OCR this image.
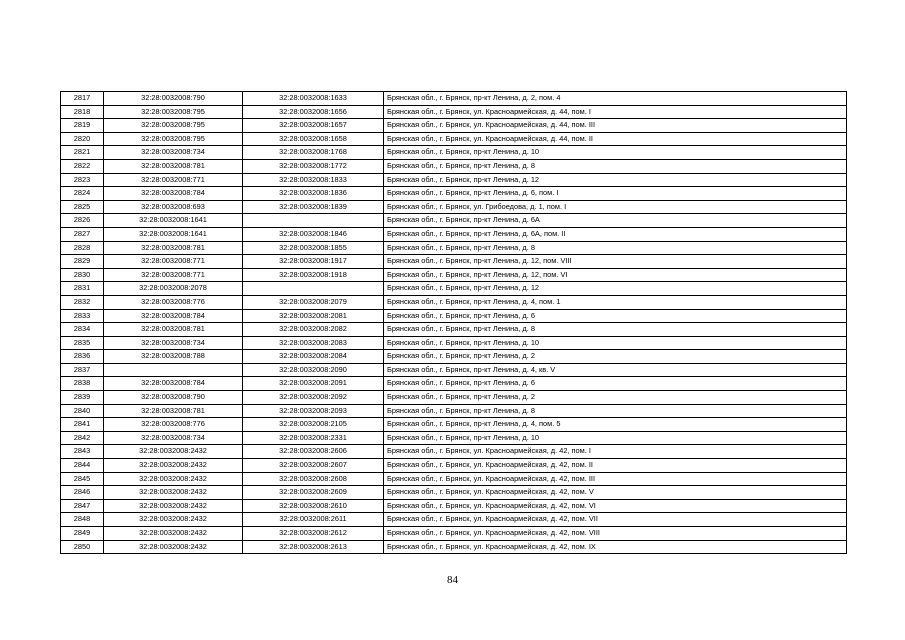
2817	32:28:0032008:790	32:28:0032008:1633	Брянская обл., г. Брянск, пр-кт Ленина, д. 2, пом. 4
2818	32:28:0032008:795	32:28:0032008:1656	Брянская обл., г. Брянск, ул. Красноармейская, д. 44, пом. I
2819	32:28:0032008:795	32:28:0032008:1657	Брянская обл., г. Брянск, ул. Красноармейская, д. 44, пом. III
2820	32:28:0032008:795	32:28:0032008:1658	Брянская обл., г. Брянск, ул. Красноармейская, д. 44, пом. II
2821	32:28:0032008:734	32:28:0032008:1768	Брянская обл., г. Брянск, пр-кт Ленина, д. 10
2822	32:28:0032008:781	32:28:0032008:1772	Брянская обл., г. Брянск, пр-кт Ленина, д. 8
2823	32:28:0032008:771	32:28:0032008:1833	Брянская обл., г. Брянск, пр-кт Ленина, д. 12
2824	32:28:0032008:784	32:28:0032008:1836	Брянская обл., г. Брянск, пр-кт Ленина, д. 6, пом. I
2825	32:28:0032008:693	32:28:0032008:1839	Брянская обл., г. Брянск, ул. Грибоедова, д. 1, пом. I
2826	32:28:0032008:1641		Брянская обл., г. Брянск, пр-кт Ленина, д. 6А
2827	32:28:0032008:1641	32:28:0032008:1846	Брянская обл., г. Брянск, пр-кт Ленина, д. 6А, пом. II
2828	32:28:0032008:781	32:28:0032008:1855	Брянская обл., г. Брянск, пр-кт Ленина, д. 8
2829	32:28:0032008:771	32:28:0032008:1917	Брянская обл., г. Брянск, пр-кт Ленина, д. 12, пом. VIII
2830	32:28:0032008:771	32:28:0032008:1918	Брянская обл., г. Брянск, пр-кт Ленина, д. 12, пом. VI
2831	32:28:0032008:2078		Брянская обл., г. Брянск, пр-кт Ленина, д. 12
2832	32:28:0032008:776	32:28:0032008:2079	Брянская обл., г. Брянск, пр-кт Ленина, д. 4, пом. 1
2833	32:28:0032008:784	32:28:0032008:2081	Брянская обл., г. Брянск, пр-кт Ленина, д. 6
2834	32:28:0032008:781	32:28:0032008:2082	Брянская обл., г. Брянск, пр-кт Ленина, д. 8
2835	32:28:0032008:734	32:28:0032008:2083	Брянская обл., г. Брянск, пр-кт Ленина, д. 10
2836	32:28:0032008:788	32:28:0032008:2084	Брянская обл., г. Брянск, пр-кт Ленина, д. 2
2837		32:28:0032008:2090	Брянская обл., г. Брянск, пр-кт Ленина, д. 4, кв. V
2838	32:28:0032008:784	32:28:0032008:2091	Брянская обл., г. Брянск, пр-кт Ленина, д. 6
2839	32:28:0032008:790	32:28:0032008:2092	Брянская обл., г. Брянск, пр-кт Ленина, д. 2
2840	32:28:0032008:781	32:28:0032008:2093	Брянская обл., г. Брянск, пр-кт Ленина, д. 8
2841	32:28:0032008:776	32:28:0032008:2105	Брянская обл., г. Брянск, пр-кт Ленина, д. 4, пом. 5
2842	32:28:0032008:734	32:28:0032008:2331	Брянская обл., г. Брянск, пр-кт Ленина, д. 10
2843	32:28:0032008:2432	32:28:0032008:2606	Брянская обл., г. Брянск, ул. Красноармейская, д. 42, пом. I
2844	32:28:0032008:2432	32:28:0032008:2607	Брянская обл., г. Брянск, ул. Красноармейская, д. 42, пом. II
2845	32:28:0032008:2432	32:28:0032008:2608	Брянская обл., г. Брянск, ул. Красноармейская, д. 42, пом. III
2846	32:28:0032008:2432	32:28:0032008:2609	Брянская обл., г. Брянск, ул. Красноармейская, д. 42, пом. V
2847	32:28:0032008:2432	32:28:0032008:2610	Брянская обл., г. Брянск, ул. Красноармейская, д. 42, пом. VI
2848	32:28:0032008:2432	32:28:0032008:2611	Брянская обл., г. Брянск, ул. Красноармейская, д. 42, пом. VII
2849	32:28:0032008:2432	32:28:0032008:2612	Брянская обл., г. Брянск, ул. Красноармейская, д. 42, пом. VIII
2850	32:28:0032008:2432	32:28:0032008:2613	Брянская обл., г. Брянск, ул. Красноармейская, д. 42, пом. IX
84
